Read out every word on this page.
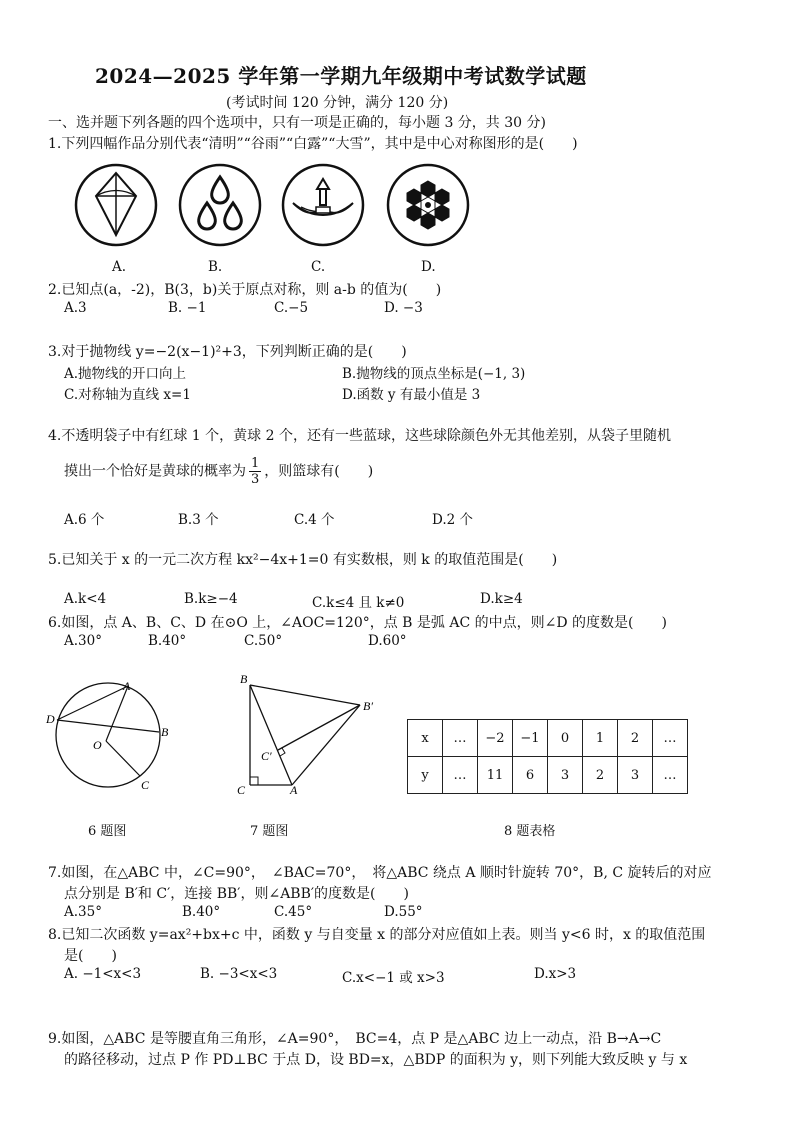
2024—2025 学年第一学期九年级期中考试数学试题
(考试时间 120 分钟，满分 120 分)
一、选并题下列各题的四个选项中，只有一项是正确的，每小题 3 分，共 30 分)
1.下列四幅作品分别代表“清明”“谷雨”“白露”“大雪”，其中是中心对称图形的是(　　)
A.	B.	C.	D.
2.已知点(a，-2)，B(3，b)关于原点对称，则 a-b 的值为(　　)
A.3	B. −1	C.−5	D. −3
3.对于抛物线 y=−2(x−1)²+3，下列判断正确的是(　　)
A.抛物线的开口向上	B.抛物线的顶点坐标是(−1, 3)
C.对称轴为直线 x=1	D.函数 y 有最小值是 3
4.不透明袋子中有红球 1 个，黄球 2 个，还有一些蓝球，这些球除颜色外无其他差别，从袋子里随机
摸出一个恰好是黄球的概率为 $\frac{1}{3}$ ，则篮球有(　　)
A.6 个	B.3 个	C.4 个	D.2 个
5.已知关于 x 的一元二次方程 kx²−4x+1=0 有实数根，则 k 的取值范围是(　　)
A.k<4	B.k≥−4	C.k≤4 且 k≠0	D.k≥4
6.如图，点 A、B、C、D 在⊙O 上，∠AOC=120°，点 B 是弧 AC 的中点，则∠D 的度数是(　　)
A.30°	B.40°	C.50°	D.60°
A
B
C
D
O
B
B′
C′
C	A
x	…	−2	−1	0	1	2	…
y	…	11	6	3	2	3	…
6 题图	7 题图	8 题表格
7.如图，在△ABC 中，∠C=90°，　∠BAC=70°，　将△ABC 绕点 A 顺时针旋转 70°，B, C 旋转后的对应
点分别是 B′和 C′，连接 BB′，则∠ABB′的度数是(　　)
A.35°	B.40°	C.45°	D.55°
8.已知二次函数 y=ax²+bx+c 中，函数 y 与自变量 x 的部分对应值如上表。则当 y<6 时，x 的取值范围
是(　　)
A. −1<x<3	B. −3<x<3	C.x<−1 或 x>3	D.x>3
9.如图，△ABC 是等腰直角三角形，∠A=90°，　BC=4，点 P 是△ABC 边上一动点，沿 B→A→C
的路径移动，过点 P 作 PD⊥BC 于点 D，设 BD=x，△BDP 的面积为 y，则下列能大致反映 y 与 x
